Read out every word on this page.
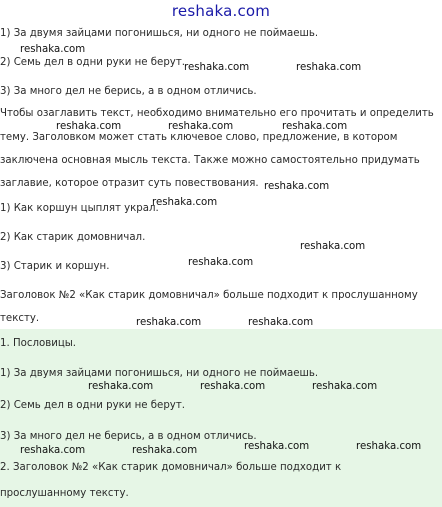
reshaka.com
1) За двумя зайцами погонишься, ни одного не поймаешь.
reshaka.com
2) Семь дел в одни руки не берут. reshaka.com	reshaka.com
3) За много дел не берись, а в одном отличись.
Чтобы озаглавить текст, необходимо внимательно его прочитать и определить
reshaka.com	reshaka.com	reshaka.com
тему. Заголовком может стать ключевое слово, предложение, в котором
заключена основная мысль текста. Также можно самостоятельно придумать
заглавие, которое отразит суть повествования. reshaka.com
reshaka.com
1) Как коршун цыплят украл.
2) Как старик домовничал.
reshaka.com
reshaka.com
3) Старик и коршун.
Заголовок №2 «Как старик домовничал» больше подходит к прослушанному
тексту.	reshaka.com	reshaka.com
1. Пословицы.
1) За двумя зайцами погонишься, ни одного не поймаешь.
reshaka.com	reshaka.com	reshaka.com
2) Семь дел в одни руки не берут.
3) За много дел не берись, а в одном отличись.
reshaka.com	reshaka.com	reshaka.com	reshaka.com
2. Заголовок №2 «Как старик домовничал» больше подходит к
прослушанному тексту.
